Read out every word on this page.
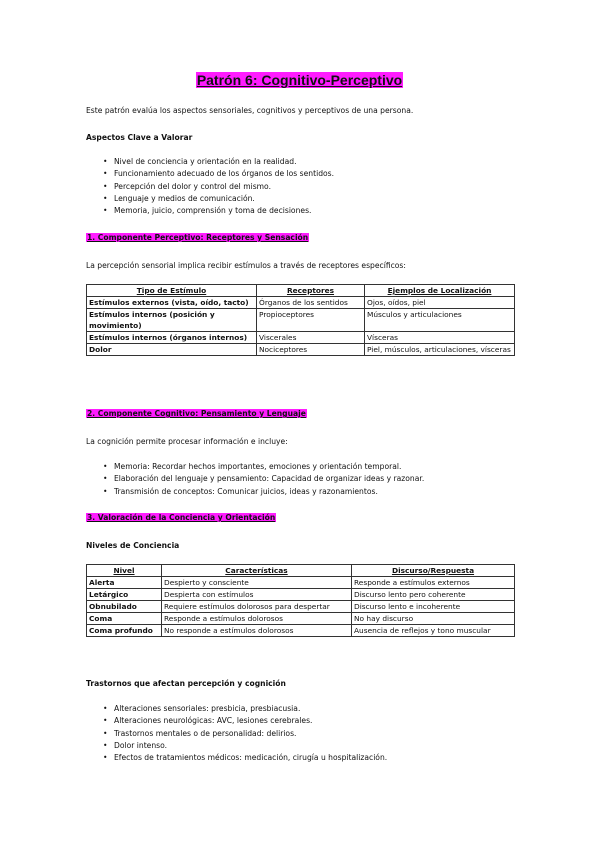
Patrón 6: Cognitivo-Perceptivo
Este patrón evalúa los aspectos sensoriales, cognitivos y perceptivos de una persona.
Aspectos Clave a Valorar
• Nivel de conciencia y orientación en la realidad.
• Funcionamiento adecuado de los órganos de los sentidos.
• Percepción del dolor y control del mismo.
• Lenguaje y medios de comunicación.
• Memoria, juicio, comprensión y toma de decisiones.
1. Componente Perceptivo: Receptores y Sensación
La percepción sensorial implica recibir estímulos a través de receptores específicos:
Tipo de Estímulo	Receptores	Ejemplos de Localización
Estímulos externos (vista, oído, tacto)	Órganos de los sentidos	Ojos, oídos, piel
Estímulos internos (posición y movimiento)	Propioceptores	Músculos y articulaciones
Estímulos internos (órganos internos)	Viscerales	Vísceras
Dolor	Nociceptores	Piel, músculos, articulaciones, vísceras
2. Componente Cognitivo: Pensamiento y Lenguaje
La cognición permite procesar información e incluye:
• Memoria: Recordar hechos importantes, emociones y orientación temporal.
• Elaboración del lenguaje y pensamiento: Capacidad de organizar ideas y razonar.
• Transmisión de conceptos: Comunicar juicios, ideas y razonamientos.
3. Valoración de la Conciencia y Orientación
Niveles de Conciencia
Nivel	Características	Discurso/Respuesta
Alerta	Despierto y consciente	Responde a estímulos externos
Letárgico	Despierta con estímulos	Discurso lento pero coherente
Obnubilado	Requiere estímulos dolorosos para despertar	Discurso lento e incoherente
Coma	Responde a estímulos dolorosos	No hay discurso
Coma profundo	No responde a estímulos dolorosos	Ausencia de reflejos y tono muscular
Trastornos que afectan percepción y cognición
• Alteraciones sensoriales: presbicia, presbiacusia.
• Alteraciones neurológicas: AVC, lesiones cerebrales.
• Trastornos mentales o de personalidad: delirios.
• Dolor intenso.
• Efectos de tratamientos médicos: medicación, cirugía u hospitalización.
